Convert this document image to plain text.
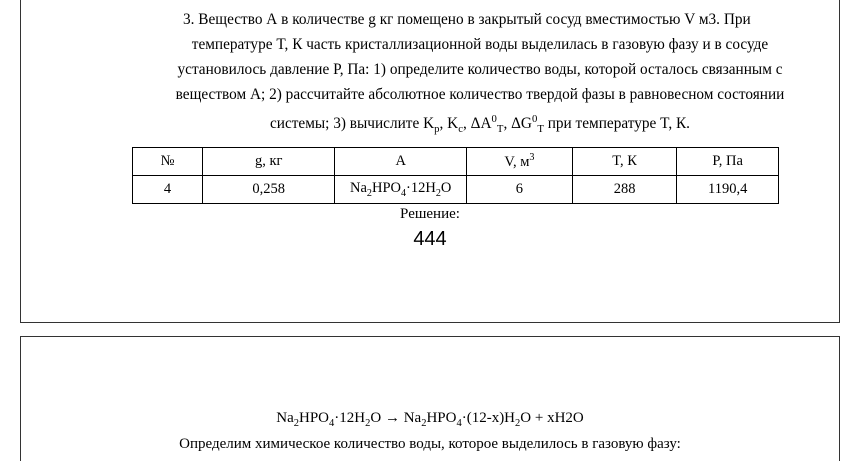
3. Вещество А в количестве g кг помещено в закрытый сосуд вместимостью V м3. При
температуре T, К часть кристаллизационной воды выделилась в газовую фазу и в сосуде
установилось давление Р, Па: 1) определите количество воды, которой осталось связанным с
веществом А; 2) рассчитайте абсолютное количество твердой фазы в равновесном состоянии
системы; 3) вычислите $K_p$, $K_c$, $\Delta A^0_T$, $\Delta G^0_T$ при температуре T, К.
№	g, кг	А	V, $м^3$	T, К	P, Па
4	0,258	$Na_2HPO_4\cdot 12H_2O$	6	288	1190,4
Решение:
444
$Na_2HPO_4\cdot 12H_2O \to Na_2HPO_4\cdot(12-x)H_2O + xH2O$
Определим химическое количество воды, которое выделилось в газовую фазу:
